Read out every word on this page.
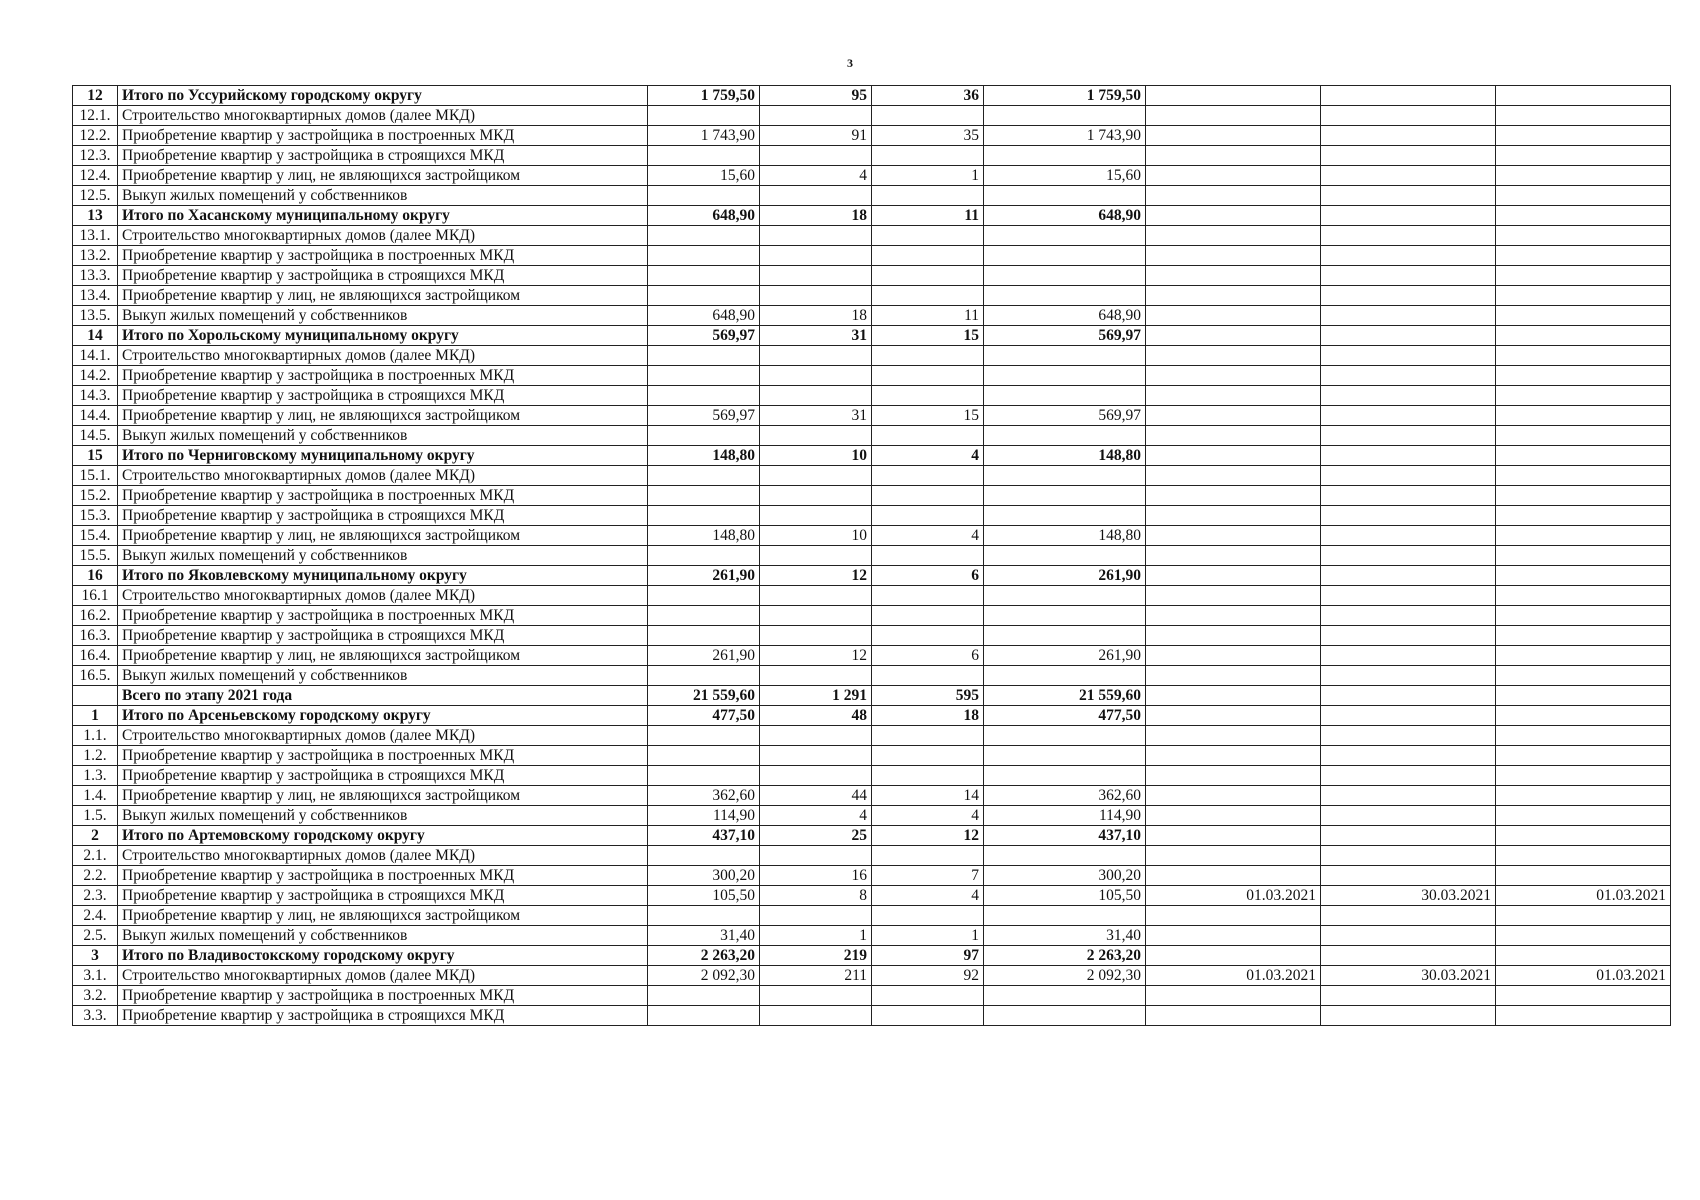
3
12	Итого по Уссурийскому городскому округу	1 759,50	95	36	1 759,50			
12.1.	Строительство многоквартирных домов (далее МКД)							
12.2.	Приобретение квартир у застройщика в построенных МКД	1 743,90	91	35	1 743,90			
12.3.	Приобретение квартир у застройщика в строящихся МКД							
12.4.	Приобретение квартир у лиц, не являющихся застройщиком	15,60	4	1	15,60			
12.5.	Выкуп жилых помещений у собственников							
13	Итого по Хасанскому муниципальному округу	648,90	18	11	648,90			
13.1.	Строительство многоквартирных домов (далее МКД)							
13.2.	Приобретение квартир у застройщика в построенных МКД							
13.3.	Приобретение квартир у застройщика в строящихся МКД							
13.4.	Приобретение квартир у лиц, не являющихся застройщиком							
13.5.	Выкуп жилых помещений у собственников	648,90	18	11	648,90			
14	Итого по Хорольскому муниципальному округу	569,97	31	15	569,97			
14.1.	Строительство многоквартирных домов (далее МКД)							
14.2.	Приобретение квартир у застройщика в построенных МКД							
14.3.	Приобретение квартир у застройщика в строящихся МКД							
14.4.	Приобретение квартир у лиц, не являющихся застройщиком	569,97	31	15	569,97			
14.5.	Выкуп жилых помещений у собственников							
15	Итого по Черниговскому муниципальному округу	148,80	10	4	148,80			
15.1.	Строительство многоквартирных домов (далее МКД)							
15.2.	Приобретение квартир у застройщика в построенных МКД							
15.3.	Приобретение квартир у застройщика в строящихся МКД							
15.4.	Приобретение квартир у лиц, не являющихся застройщиком	148,80	10	4	148,80			
15.5.	Выкуп жилых помещений у собственников							
16	Итого по Яковлевскому муниципальному округу	261,90	12	6	261,90			
16.1	Строительство многоквартирных домов (далее МКД)							
16.2.	Приобретение квартир у застройщика в построенных МКД							
16.3.	Приобретение квартир у застройщика в строящихся МКД							
16.4.	Приобретение квартир у лиц, не являющихся застройщиком	261,90	12	6	261,90			
16.5.	Выкуп жилых помещений у собственников							
	Всего по этапу 2021 года	21 559,60	1 291	595	21 559,60			
1	Итого по Арсеньевскому городскому округу	477,50	48	18	477,50			
1.1.	Строительство многоквартирных домов (далее МКД)							
1.2.	Приобретение квартир у застройщика в построенных МКД							
1.3.	Приобретение квартир у застройщика в строящихся МКД							
1.4.	Приобретение квартир у лиц, не являющихся застройщиком	362,60	44	14	362,60			
1.5.	Выкуп жилых помещений у собственников	114,90	4	4	114,90			
2	Итого по Артемовскому городскому округу	437,10	25	12	437,10			
2.1.	Строительство многоквартирных домов (далее МКД)							
2.2.	Приобретение квартир у застройщика в построенных МКД	300,20	16	7	300,20			
2.3.	Приобретение квартир у застройщика в строящихся МКД	105,50	8	4	105,50	01.03.2021	30.03.2021	01.03.2021
2.4.	Приобретение квартир у лиц, не являющихся застройщиком							
2.5.	Выкуп жилых помещений у собственников	31,40	1	1	31,40			
3	Итого по Владивостокскому городскому округу	2 263,20	219	97	2 263,20			
3.1.	Строительство многоквартирных домов (далее МКД)	2 092,30	211	92	2 092,30	01.03.2021	30.03.2021	01.03.2021
3.2.	Приобретение квартир у застройщика в построенных МКД							
3.3.	Приобретение квартир у застройщика в строящихся МКД							
